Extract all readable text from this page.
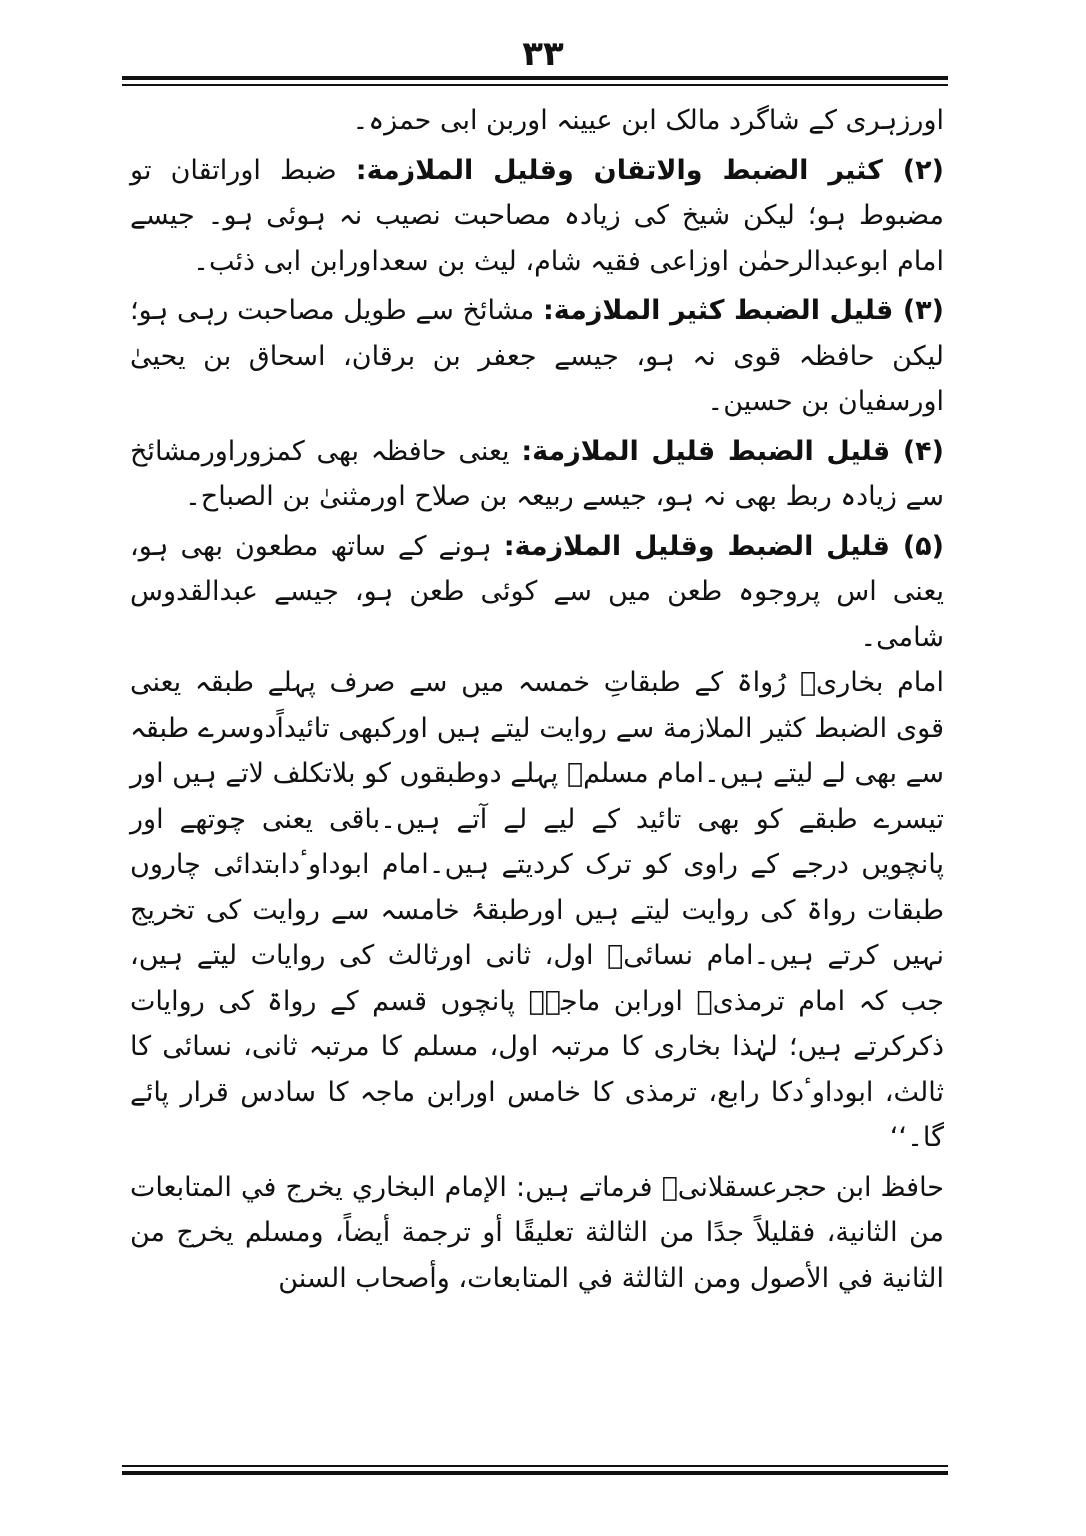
۳۳

اورزہری کے شاگرد مالک ابن عیینہ اوربن ابی حمزہ۔

(۲) كثير الضبط والاتقان وقليل الملازمة: ضبط اوراتقان تو مضبوط ہو؛ لیکن شیخ کی زیادہ مصاحبت نصیب نہ ہوئی ہو۔ جیسے امام ابوعبدالرحمٰن اوزاعی فقیہ شام، لیث بن سعداورابن ابی ذئب۔

(۳) قليل الضبط كثير الملازمة: مشائخ سے طویل مصاحبت رہی ہو؛ لیکن حافظہ قوی نہ ہو، جیسے جعفر بن برقان، اسحاق بن یحییٰ اورسفیان بن حسین۔

(۴) قليل الضبط قليل الملازمة: یعنی حافظہ بھی کمزوراورمشائخ سے زیادہ ربط بھی نہ ہو، جیسے ربیعہ بن صلاح اورمثنیٰ بن الصباح۔

(۵) قليل الضبط وقليل الملازمة: ہونے کے ساتھ مطعون بھی ہو، یعنی اس پروجوہ طعن میں سے کوئی طعن ہو، جیسے عبدالقدوس شامی۔

امام بخاریؒ رُواۃ کے طبقاتِ خمسہ میں سے صرف پہلے طبقہ یعنی قوی الضبط كثير الملازمة سے روایت لیتے ہیں اورکبھی تائیداًدوسرے طبقہ سے بھی لے لیتے ہیں۔امام مسلمؒ پہلے دوطبقوں کو بلاتکلف لاتے ہیں اور تیسرے طبقے کو بھی تائید کے لیے لے آتے ہیں۔باقی یعنی چوتھے اور پانچویں درجے کے راوی کو ترک کردیتے ہیں۔امام ابوداوٴدابتدائی چاروں طبقات رواۃ کی روایت لیتے ہیں اورطبقۂ خامسہ سے روایت کی تخریج نہیں کرتے ہیں۔امام نسائیؒ اول، ثانی اورثالث کی روایات لیتے ہیں، جب کہ امام ترمذیؒ اورابن ماجہؒ پانچوں قسم کے رواۃ کی روایات ذکرکرتے ہیں؛ لہٰذا بخاری کا مرتبہ اول، مسلم کا مرتبہ ثانی، نسائی کا ثالث، ابوداوٴدکا رابع، ترمذی کا خامس اورابن ماجہ کا سادس قرار پائے گا۔‘‘

حافظ ابن حجرعسقلانیؒ فرماتے ہیں: الإمام البخاري يخرج في المتابعات من الثانية، فقليلاً جدًا من الثالثة تعليقًا أو ترجمة أيضاً، ومسلم يخرج من الثانية في الأصول ومن الثالثة في المتابعات، وأصحاب السنن
